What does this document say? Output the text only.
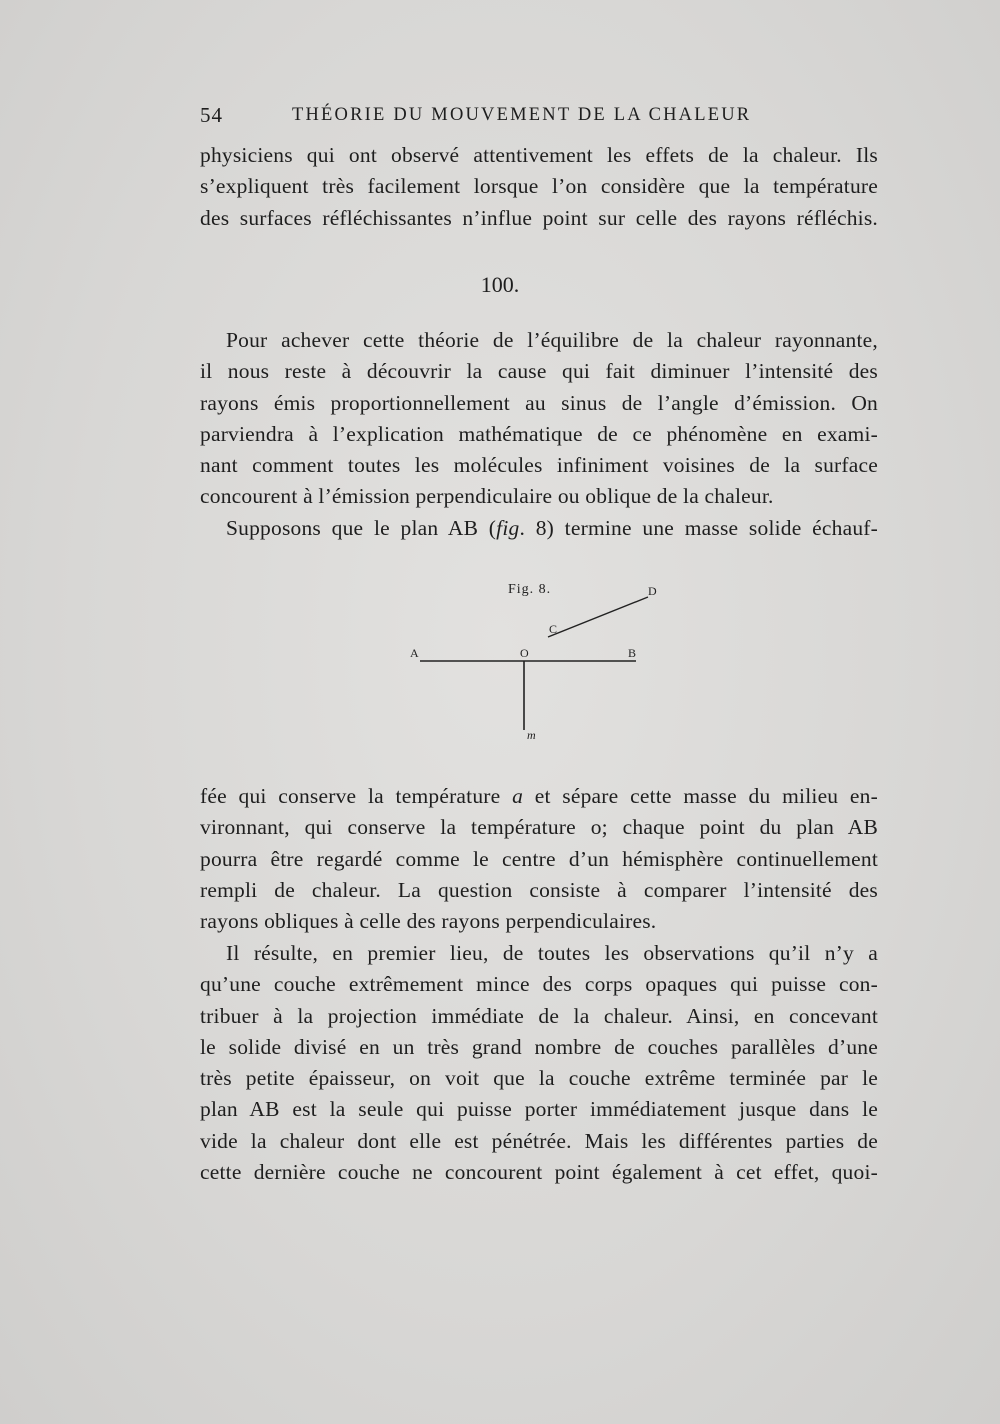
54	THÉORIE DU MOUVEMENT DE LA CHALEUR
physiciens qui ont observé attentivement les effets de la chaleur. Ils
s’expliquent très facilement lorsque l’on considère que la température
des surfaces réfléchissantes n’influe point sur celle des rayons réfléchis.
100.
Pour achever cette théorie de l’équilibre de la chaleur rayonnante,
il nous reste à découvrir la cause qui fait diminuer l’intensité des
rayons émis proportionnellement au sinus de l’angle d’émission. On
parviendra à l’explication mathématique de ce phénomène en exami-
nant comment toutes les molécules infiniment voisines de la surface
concourent à l’émission perpendiculaire ou oblique de la chaleur.
Supposons que le plan AB (fig. 8) termine une masse solide échauf-
Fig. 8.
A	O	B
C
D
m
fée qui conserve la température a et sépare cette masse du milieu en-
vironnant, qui conserve la température o; chaque point du plan AB
pourra être regardé comme le centre d’un hémisphère continuellement
rempli de chaleur. La question consiste à comparer l’intensité des
rayons obliques à celle des rayons perpendiculaires.
Il résulte, en premier lieu, de toutes les observations qu’il n’y a
qu’une couche extrêmement mince des corps opaques qui puisse con-
tribuer à la projection immédiate de la chaleur. Ainsi, en concevant
le solide divisé en un très grand nombre de couches parallèles d’une
très petite épaisseur, on voit que la couche extrême terminée par le
plan AB est la seule qui puisse porter immédiatement jusque dans le
vide la chaleur dont elle est pénétrée. Mais les différentes parties de
cette dernière couche ne concourent point également à cet effet, quoi-
